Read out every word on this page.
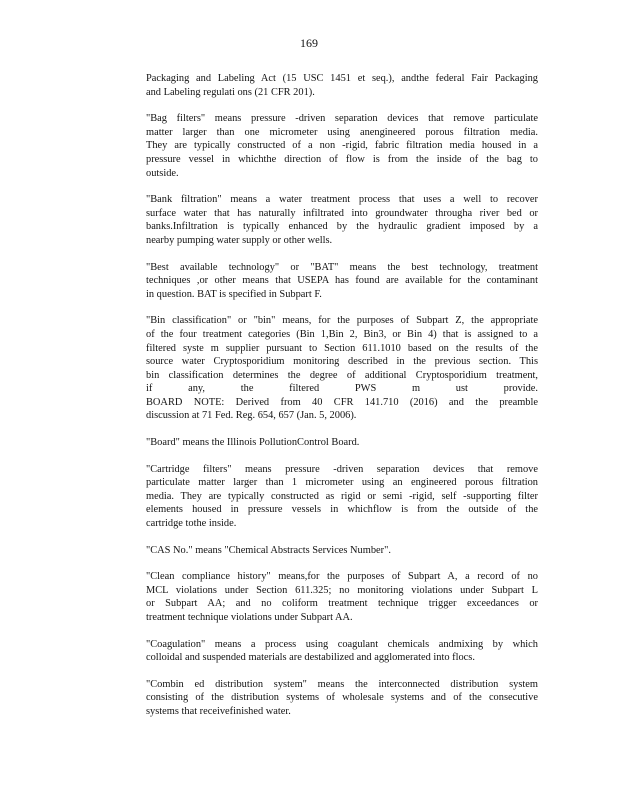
169
Packaging and Labeling Act (15 USC 1451 et seq.), andthe federal Fair Packaging
and Labeling regulati ons (21 CFR 201).
"Bag filters" means pressure -driven separation devices that remove particulate
matter larger than one micrometer using anengineered porous filtration media.
They are typically constructed of a non -rigid, fabric filtration media housed in a
pressure vessel in whichthe direction of flow is from the inside of the bag to
outside.
"Bank filtration" means a water treatment process that uses a well to recover
surface water that has naturally infiltrated into groundwater througha river bed or
banks.Infiltration is typically enhanced by the hydraulic gradient imposed by a
nearby pumping water supply or other wells.
"Best available technology" or "BAT" means the best technology, treatment
techniques ,or other means that USEPA has found are available for the contaminant
in question. BAT is specified in Subpart F.
"Bin classification" or "bin" means, for the purposes of Subpart Z, the appropriate
of the four treatment categories (Bin 1,Bin 2, Bin3, or Bin 4) that is assigned to a
filtered syste m supplier pursuant to Section 611.1010 based on the results of the
source water Cryptosporidium monitoring described in the previous section. This
bin classification determines the degree of additional Cryptosporidium treatment,
if any, the filtered PWS m ust provide.
BOARD NOTE: Derived from 40 CFR 141.710 (2016) and the preamble
discussion at 71 Fed. Reg. 654, 657 (Jan. 5, 2006).
"Board" means the Illinois PollutionControl Board.
"Cartridge filters" means pressure -driven separation devices that remove
particulate matter larger than 1 micrometer using an engineered porous filtration
media. They are typically constructed as rigid or semi -rigid, self -supporting filter
elements housed in pressure vessels in whichflow is from the outside of the
cartridge tothe inside.
"CAS No." means "Chemical Abstracts Services Number".
"Clean compliance history" means,for the purposes of Subpart A, a record of no
MCL violations under Section 611.325; no monitoring violations under Subpart L
or Subpart AA; and no coliform treatment technique trigger exceedances or
treatment technique violations under Subpart AA.
"Coagulation" means a process using coagulant chemicals andmixing by which
colloidal and suspended materials are destabilized and agglomerated into flocs.
"Combin ed distribution system" means the interconnected distribution system
consisting of the distribution systems of wholesale systems and of the consecutive
systems that receivefinished water.
